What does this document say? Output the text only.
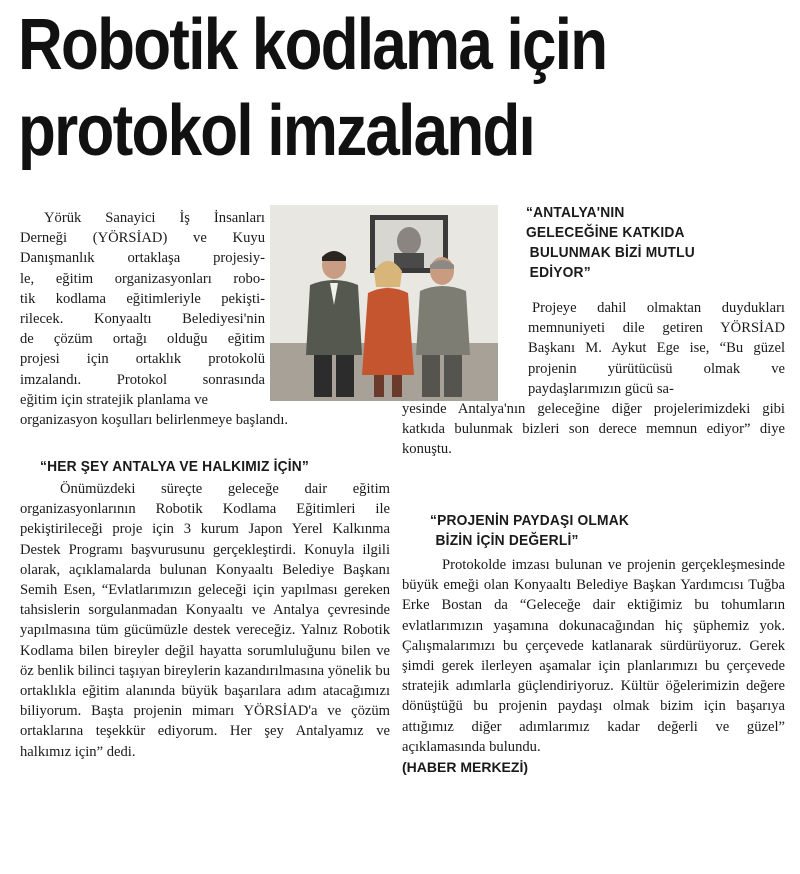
Robotik kodlama için
protokol imzalandı
Yörük Sanayici İş İnsanları
Derneği (YÖRSİAD) ve Kuyu
Danışmanlık ortaklaşa projesiy-
le, eğitim organizasyonları robo-
tik kodlama eğitimleriyle pekişti-
rilecek. Konyaaltı Belediyesi'nin
de çözüm ortağı olduğu eğitim
projesi için ortaklık protokolü
imzalandı. Protokol sonrasında
eğitim için stratejik planlama ve

organizasyon koşulları belirlenmeye başlandı.

“HER ŞEY ANTALYA VE HALKIMIZ İÇİN”

Önümüzdeki süreçte geleceğe dair eğitim organizasyonlarının Robotik Kodlama Eğitimleri ile pekiştirileceği proje için 3 kurum Japon Yerel Kalkınma Destek Programı başvurusunu gerçekleştirdi. Konuyla ilgili olarak, açıklamalarda bulunan Konyaaltı Belediye Başkanı Semih Esen, “Evlatlarımızın geleceği için yapılması gereken tahsislerin sorgulanmadan Konyaaltı ve Antalya çevresinde yapılmasına tüm gücümüzle destek vereceğiz. Yalnız Robotik Kodlama bilen bireyler değil hayatta sorumluluğunu bilen ve öz benlik bilinci taşıyan bireylerin kazandırılmasına yönelik bu ortaklıkla eğitim alanında büyük başarılara adım atacağımızı biliyorum. Başta projenin mimarı YÖRSİAD'a ve çözüm ortaklarına teşekkür ediyorum. Her şey Antalyamız ve halkımız için” dedi.

“ANTALYA'NIN
GELECEĞİNE KATKIDA
BULUNMAK BİZİ MUTLU
EDİYOR”

Projeye dahil olmaktan duydukları memnuniyeti dile getiren YÖRSİAD Başkanı M. Aykut Ege ise, “Bu güzel projenin yürütücüsü olmak ve paydaşlarımızın gücü sa-

yesinde Antalya'nın geleceğine diğer projelerimizdeki gibi katkıda bulunmak bizleri son derece memnun ediyor” diye konuştu.

“PROJENİN PAYDAŞI OLMAK
BİZİN İÇİN DEĞERLİ”

Protokolde imzası bulunan ve projenin gerçekleşmesinde büyük emeği olan Konyaaltı Belediye Başkan Yardımcısı Tuğba Erke Bostan da “Geleceğe dair ektiğimiz bu tohumların evlatlarımızın yaşamına dokunacağından hiç şüphemiz yok. Çalışmalarımızı bu çerçevede katlanarak sürdürüyoruz. Gerek şimdi gerek ilerleyen aşamalar için planlarımızı bu çerçevede stratejik adımlarla güçlendiriyoruz. Kültür öğelerimizin değere dönüştüğü bu projenin paydaşı olmak bizim için başarıya attığımız diğer adımlarımız kadar değerli ve güzel” açıklamasında bulundu.
(HABER MERKEZİ)
